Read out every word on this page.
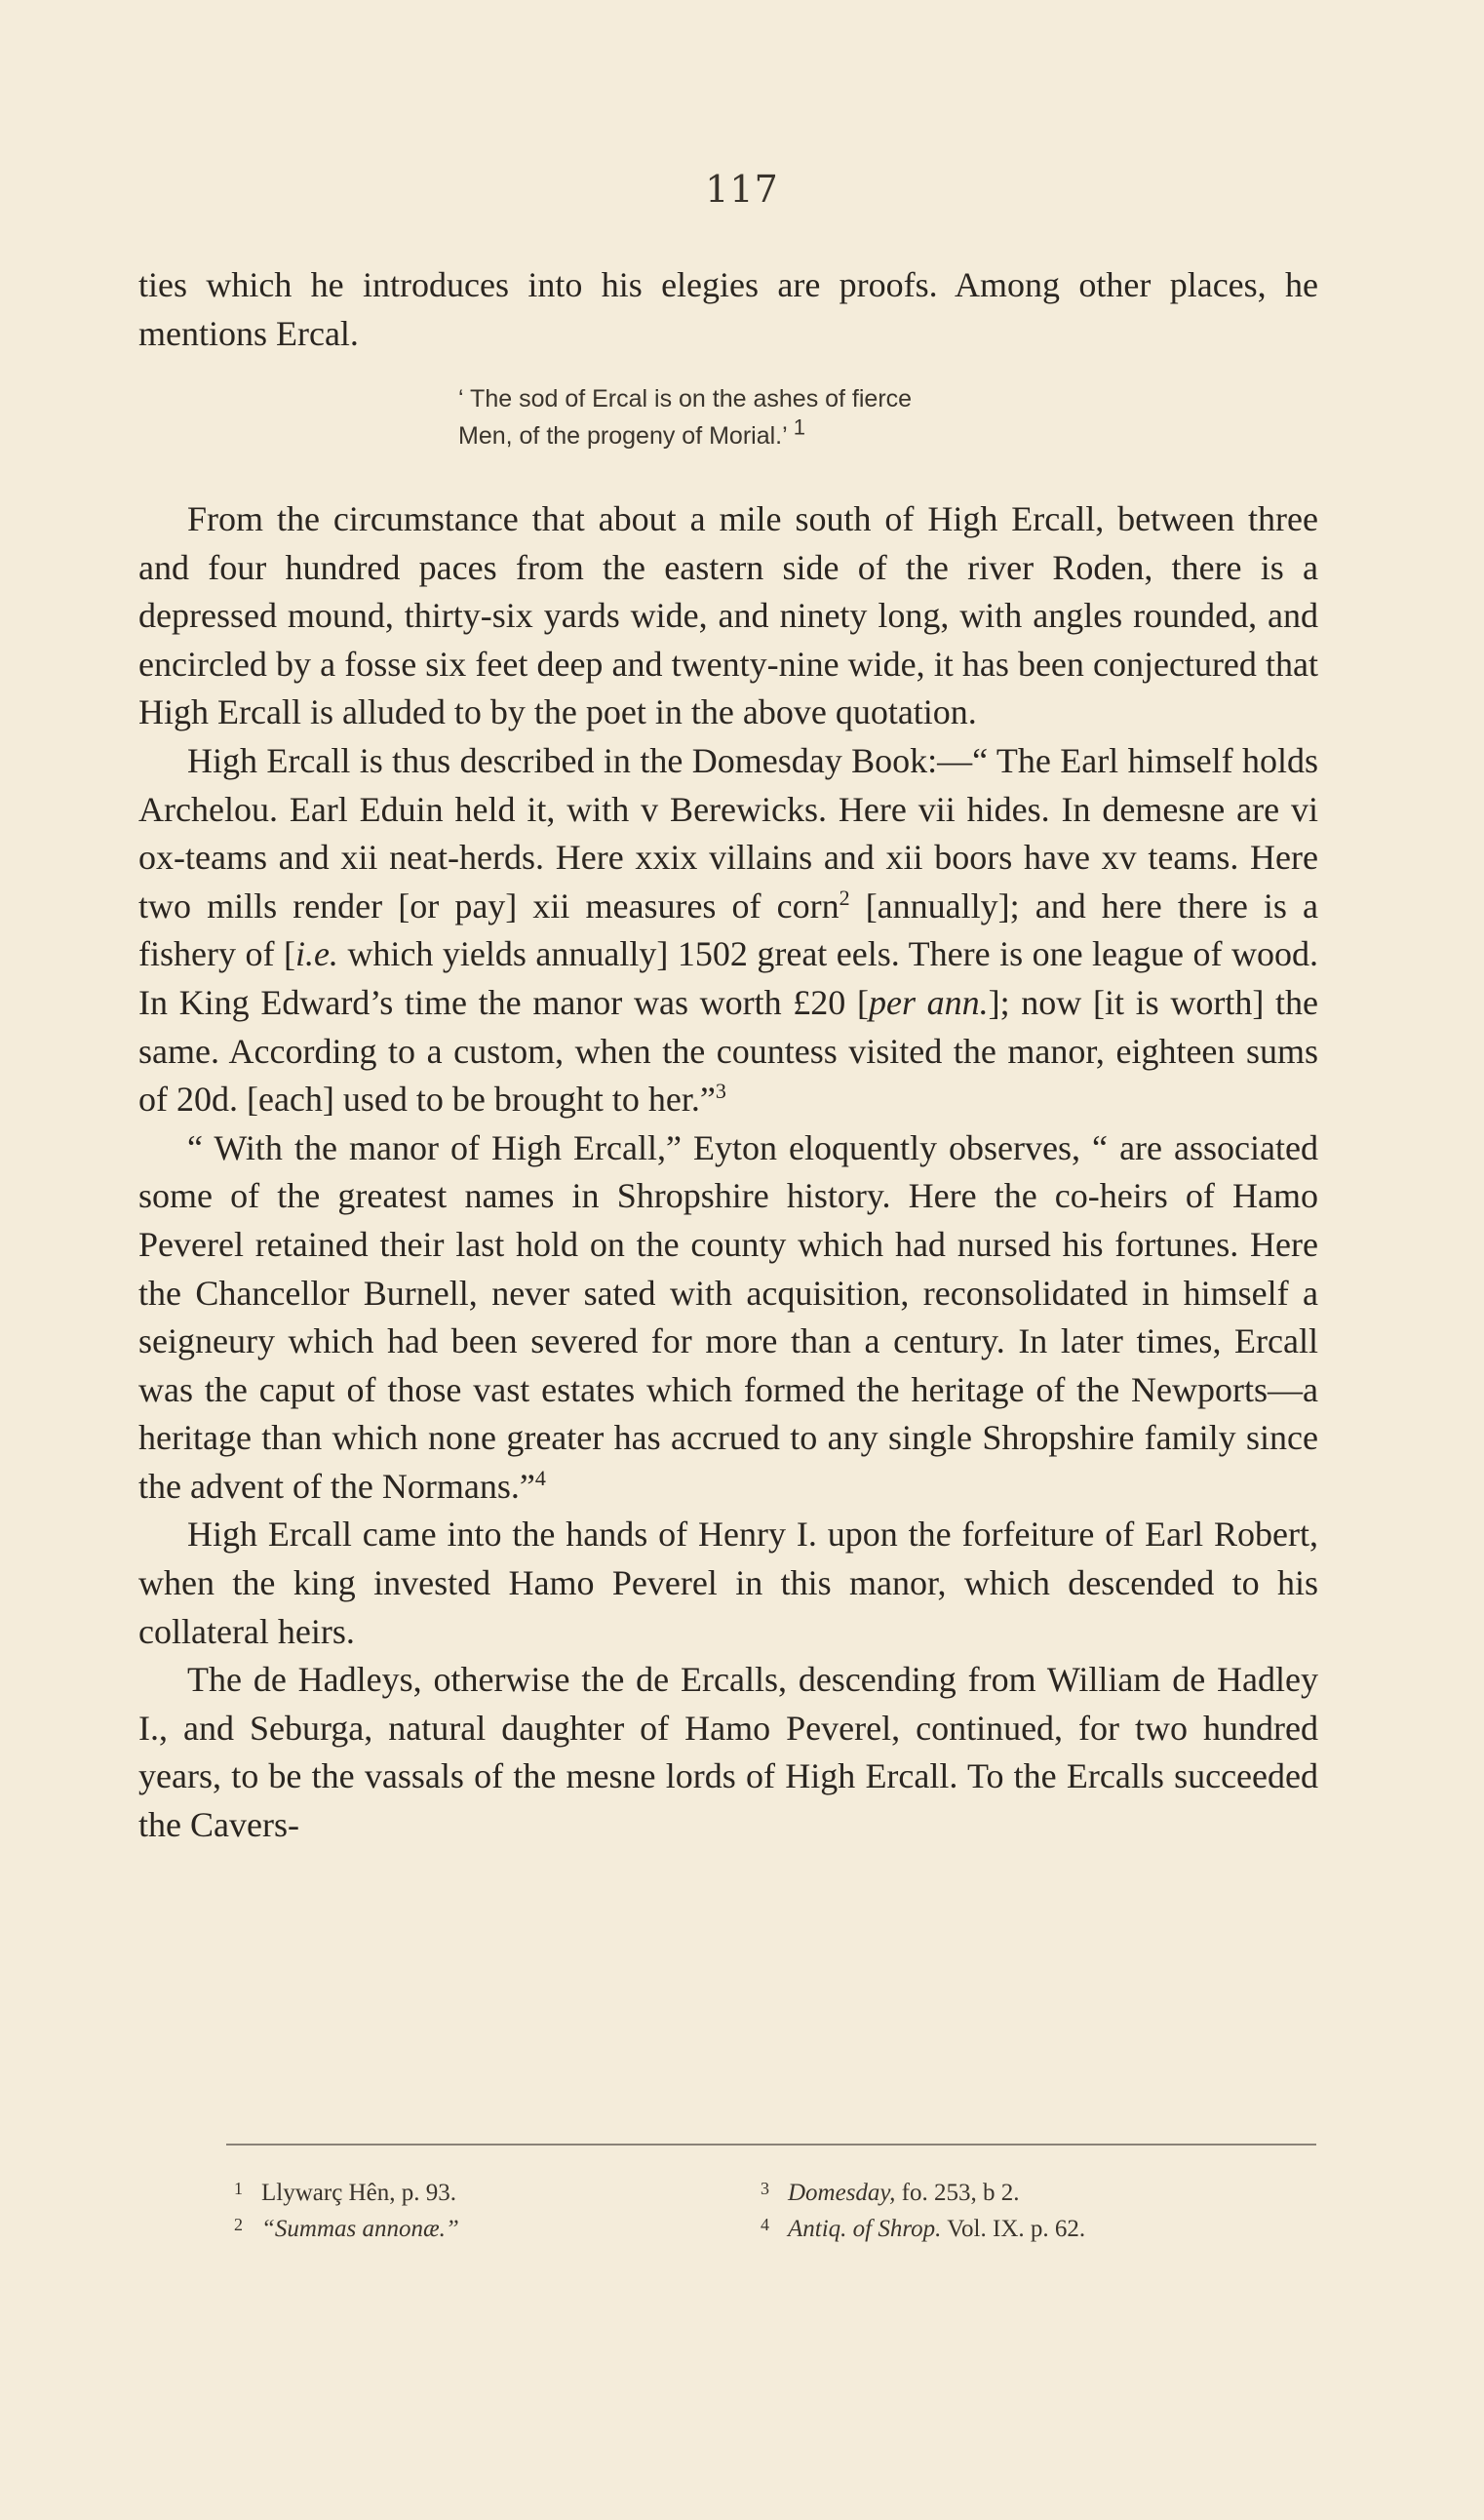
117

ties which he introduces into his elegies are proofs. Among other places, he mentions Ercal.

‘ The sod of Ercal is on the ashes of fierce
Men, of the progeny of Morial.’ $^1$

From the circumstance that about a mile south of High Ercall, between three and four hundred paces from the eastern side of the river Roden, there is a depressed mound, thirty-six yards wide, and ninety long, with angles rounded, and encircled by a fosse six feet deep and twenty-nine wide, it has been conjectured that High Ercall is alluded to by the poet in the above quotation.

High Ercall is thus described in the Domesday Book:—“ The Earl himself holds Archelou. Earl Eduin held it, with v Berewicks. Here vii hides. In demesne are vi ox-teams and xii neat-herds. Here xxix villains and xii boors have xv teams. Here two mills render [or pay] xii measures of corn$^2$ [annually]; and here there is a fishery of [i.e. which yields annually] 1502 great eels. There is one league of wood. In King Edward’s time the manor was worth £20 [per ann.]; now [it is worth] the same. According to a custom, when the countess visited the manor, eighteen sums of 20d. [each] used to be brought to her.”$^3$

“ With the manor of High Ercall,” Eyton eloquently observes, “ are associated some of the greatest names in Shropshire history. Here the co-heirs of Hamo Peverel retained their last hold on the county which had nursed his fortunes. Here the Chancellor Burnell, never sated with acquisition, reconsolidated in himself a seigneury which had been severed for more than a century. In later times, Ercall was the caput of those vast estates which formed the heritage of the Newports—a heritage than which none greater has accrued to any single Shropshire family since the advent of the Normans.”$^4$

High Ercall came into the hands of Henry I. upon the forfeiture of Earl Robert, when the king invested Hamo Peverel in this manor, which descended to his collateral heirs.

The de Hadleys, otherwise the de Ercalls, descending from William de Hadley I., and Seburga, natural daughter of Hamo Peverel, continued, for two hundred years, to be the vassals of the mesne lords of High Ercall. To the Ercalls succeeded the Cavers-

1 Llywarç Hên, p. 93.
2 “Summas annonæ.”
3 Domesday, fo. 253, b 2.
4 Antiq. of Shrop. Vol. IX. p. 62.
